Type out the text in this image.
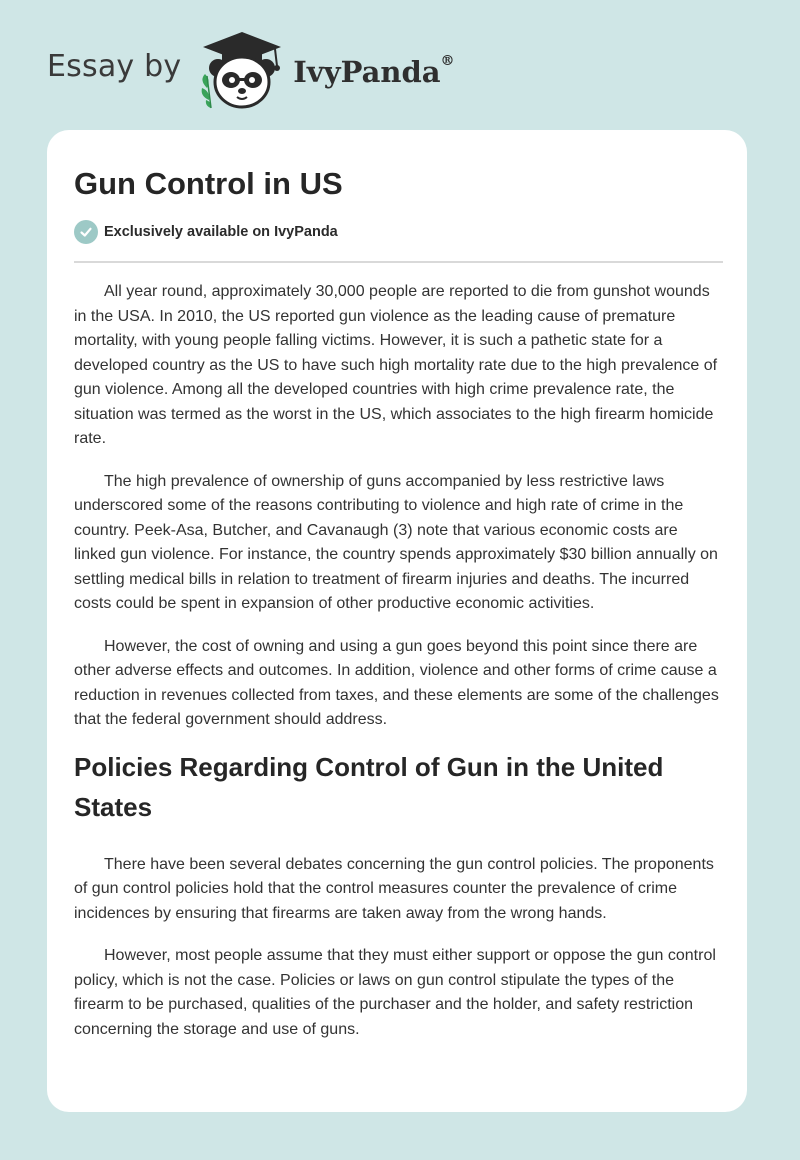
Essay by	IvyPanda®
Gun Control in US
Exclusively available on IvyPanda

All year round, approximately 30,000 people are reported to die from gunshot wounds in the USA. In 2010, the US reported gun violence as the leading cause of premature mortality, with young people falling victims. However, it is such a pathetic state for a developed country as the US to have such high mortality rate due to the high prevalence of gun violence. Among all the developed countries with high crime prevalence rate, the situation was termed as the worst in the US, which associates to the high firearm homicide rate.

The high prevalence of ownership of guns accompanied by less restrictive laws underscored some of the reasons contributing to violence and high rate of crime in the country. Peek-Asa, Butcher, and Cavanaugh (3) note that various economic costs are linked gun violence. For instance, the country spends approximately $30 billion annually on settling medical bills in relation to treatment of firearm injuries and deaths. The incurred costs could be spent in expansion of other productive economic activities.

However, the cost of owning and using a gun goes beyond this point since there are other adverse effects and outcomes. In addition, violence and other forms of crime cause a reduction in revenues collected from taxes, and these elements are some of the challenges that the federal government should address.

Policies Regarding Control of Gun in the United States

There have been several debates concerning the gun control policies. The proponents of gun control policies hold that the control measures counter the prevalence of crime incidences by ensuring that firearms are taken away from the wrong hands.

However, most people assume that they must either support or oppose the gun control policy, which is not the case. Policies or laws on gun control stipulate the types of the firearm to be purchased, qualities of the purchaser and the holder, and safety restriction concerning the storage and use of guns.
